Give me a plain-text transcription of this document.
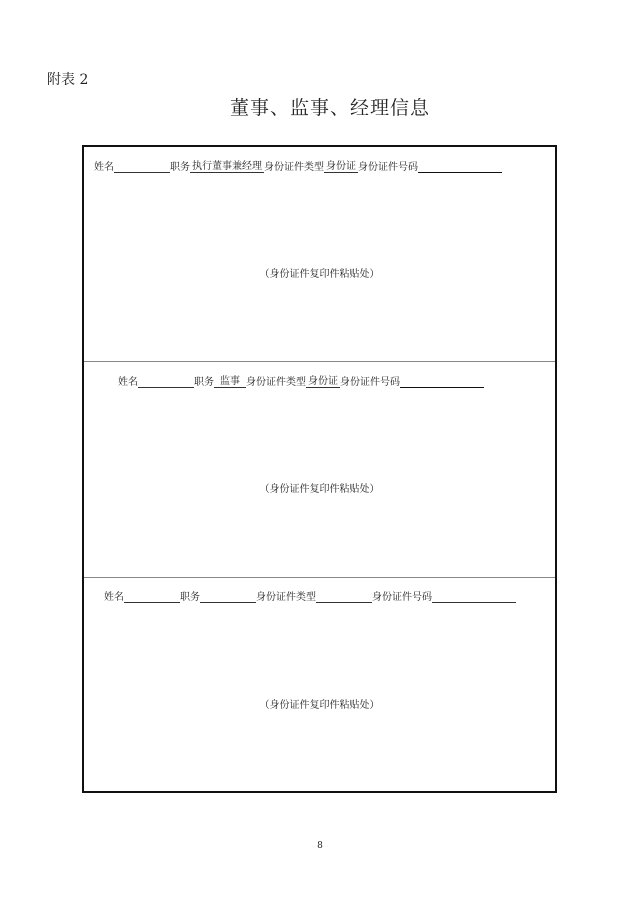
附表 2
董事、监事、经理信息
姓名	职务 执行董事兼经理 身份证件类型 身份证 身份证件号码
（身份证件复印件粘贴处）
姓名	职务 监事 身份证件类型 身份证 身份证件号码
（身份证件复印件粘贴处）
姓名	职务	身份证件类型	身份证件号码
（身份证件复印件粘贴处）
8
